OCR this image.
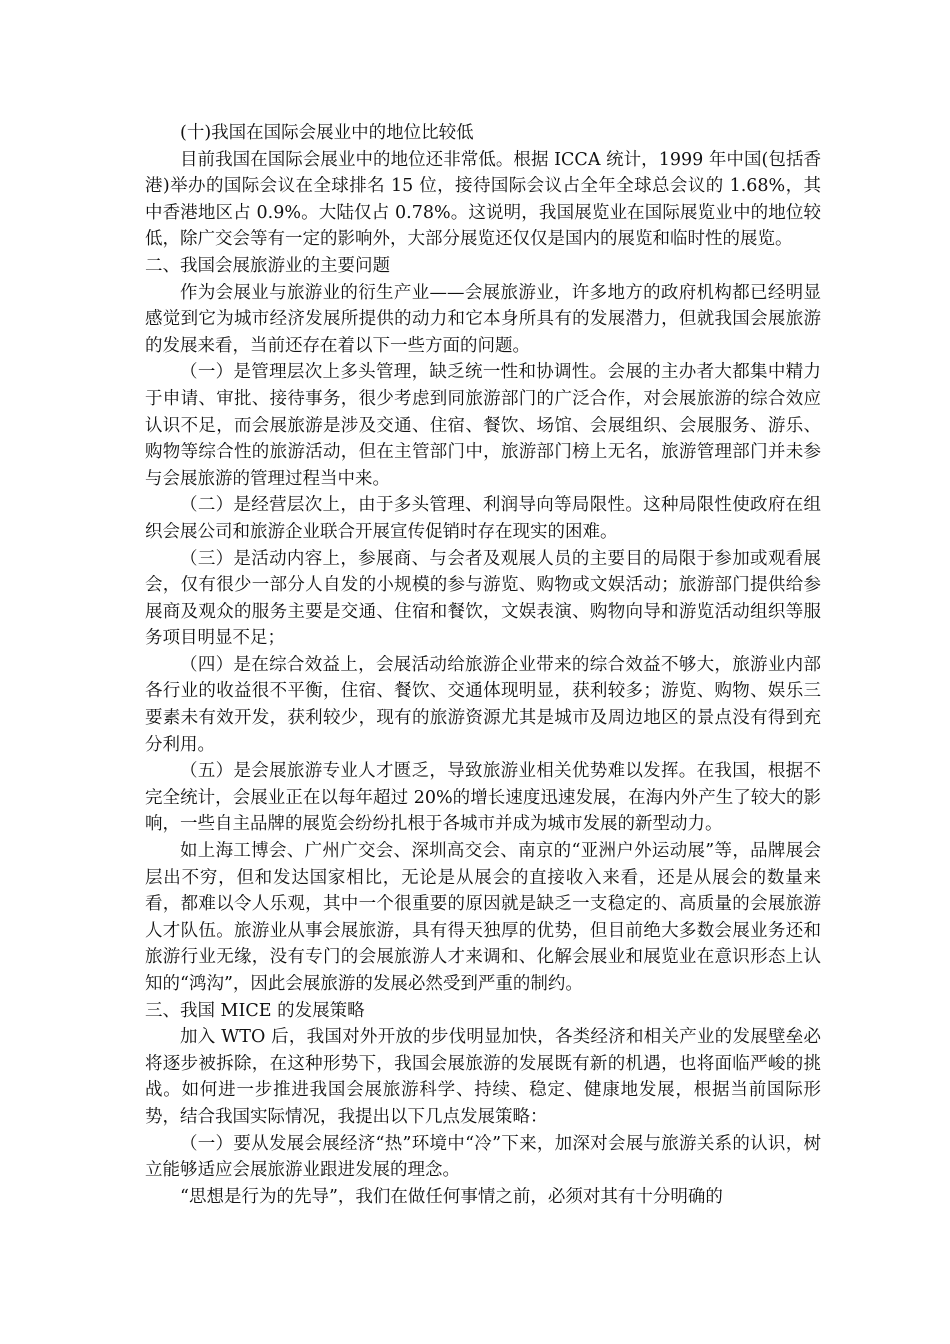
(十)我国在国际会展业中的地位比较低

目前我国在国际会展业中的地位还非常低。根据 ICCA 统计，1999 年中国(包括香港)举办的国际会议在全球排名 15 位，接待国际会议占全年全球总会议的 1.68%，其中香港地区占 0.9%。大陆仅占 0.78%。这说明，我国展览业在国际展览业中的地位较低，除广交会等有一定的影响外，大部分展览还仅仅是国内的展览和临时性的展览。

二、我国会展旅游业的主要问题

作为会展业与旅游业的衍生产业——会展旅游业，许多地方的政府机构都已经明显感觉到它为城市经济发展所提供的动力和它本身所具有的发展潜力，但就我国会展旅游的发展来看，当前还存在着以下一些方面的问题。

（一）是管理层次上多头管理，缺乏统一性和协调性。会展的主办者大都集中精力于申请、审批、接待事务，很少考虑到同旅游部门的广泛合作，对会展旅游的综合效应认识不足，而会展旅游是涉及交通、住宿、餐饮、场馆、会展组织、会展服务、游乐、购物等综合性的旅游活动，但在主管部门中，旅游部门榜上无名，旅游管理部门并未参与会展旅游的管理过程当中来。

（二）是经营层次上，由于多头管理、利润导向等局限性。这种局限性使政府在组织会展公司和旅游企业联合开展宣传促销时存在现实的困难。

（三）是活动内容上，参展商、与会者及观展人员的主要目的局限于参加或观看展会，仅有很少一部分人自发的小规模的参与游览、购物或文娱活动；旅游部门提供给参展商及观众的服务主要是交通、住宿和餐饮，文娱表演、购物向导和游览活动组织等服务项目明显不足；

（四）是在综合效益上，会展活动给旅游企业带来的综合效益不够大，旅游业内部各行业的收益很不平衡，住宿、餐饮、交通体现明显，获利较多；游览、购物、娱乐三要素未有效开发，获利较少，现有的旅游资源尤其是城市及周边地区的景点没有得到充分利用。

（五）是会展旅游专业人才匮乏，导致旅游业相关优势难以发挥。在我国，根据不完全统计，会展业正在以每年超过 20%的增长速度迅速发展，在海内外产生了较大的影响，一些自主品牌的展览会纷纷扎根于各城市并成为城市发展的新型动力。

如上海工博会、广州广交会、深圳高交会、南京的“亚洲户外运动展”等，品牌展会层出不穷，但和发达国家相比，无论是从展会的直接收入来看，还是从展会的数量来看，都难以令人乐观，其中一个很重要的原因就是缺乏一支稳定的、高质量的会展旅游人才队伍。旅游业从事会展旅游，具有得天独厚的优势，但目前绝大多数会展业务还和旅游行业无缘，没有专门的会展旅游人才来调和、化解会展业和展览业在意识形态上认知的“鸿沟”，因此会展旅游的发展必然受到严重的制约。

三、我国 MICE 的发展策略

加入 WTO 后，我国对外开放的步伐明显加快，各类经济和相关产业的发展壁垒必将逐步被拆除，在这种形势下，我国会展旅游的发展既有新的机遇，也将面临严峻的挑战。如何进一步推进我国会展旅游科学、持续、稳定、健康地发展，根据当前国际形势，结合我国实际情况，我提出以下几点发展策略：

（一）要从发展会展经济“热”环境中“冷”下来，加深对会展与旅游关系的认识，树立能够适应会展旅游业跟进发展的理念。

“思想是行为的先导”，我们在做任何事情之前，必须对其有十分明确的
